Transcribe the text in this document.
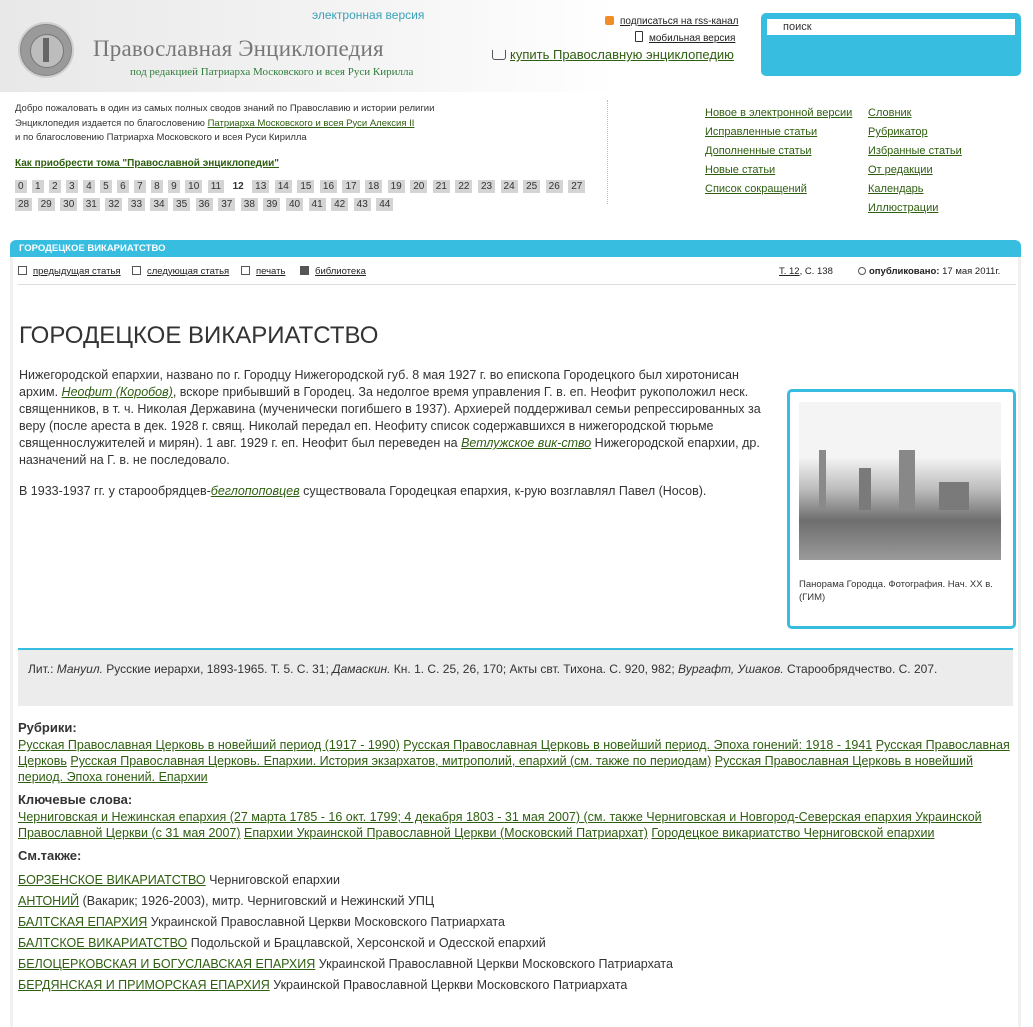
электронная версия
Православная Энциклопедия
под редакцией Патриарха Московского и всея Руси Кирилла
подписаться на rss-канал
мобильная версия
купить Православную энциклопедию
поиск
Добро пожаловать в один из самых полных сводов знаний по Православию и истории религии
Энциклопедия издается по благословению Патриарха Московского и всея Руси Алексия II
и по благословению Патриарха Московского и всея Руси Кирилла
Как приобрести тома "Православной энциклопедии"
0 1 2 3 4 5 6 7 8 9 10 11 12 13 14 15 16 17 18 19 20 21 22 23 24 25 26 27 28 29 30 31 32 33 34 35 36 37 38 39 40 41 42 43 44
Новое в электронной версии
Исправленные статьи
Дополненные статьи
Новые статьи
Список сокращений
Словник
Рубрикатор
Избранные статьи
От редакции
Календарь
Иллюстрации
ГОРОДЕЦКОЕ ВИКАРИАТСТВО
предыдущая статья	следующая статья	печать	библиотека	Т. 12, С. 138	опубликовано: 17 мая 2011г.
ГОРОДЕЦКОЕ ВИКАРИАТСТВО

Нижегородской епархии, названо по г. Городцу Нижегородской губ. 8 мая 1927 г. во епископа Городецкого был хиротонисан архим. Неофит (Коробов), вскоре прибывший в Городец. За недолгое время управления Г. в. еп. Неофит рукоположил неск. священников, в т. ч. Николая Державина (мученически погибшего в 1937). Архиерей поддерживал семьи репрессированных за веру (после ареста в дек. 1928 г. свящ. Николай передал еп. Неофиту список содержавшихся в нижегородской тюрьме священнослужителей и мирян). 1 авг. 1929 г. еп. Неофит был переведен на Ветлужское вик-ство Нижегородской епархии, др. назначений на Г. в. не последовало.

В 1933-1937 гг. у старообрядцев-беглопоповцев существовала Городецкая епархия, к-рую возглавлял Павел (Носов).

Панорама Городца. Фотография. Нач. XX в. (ГИМ)
Лит.: Мануил. Русские иерархи, 1893-1965. Т. 5. С. 31; Дамаскин. Кн. 1. С. 25, 26, 170; Акты свт. Тихона. С. 920, 982; Вургафт, Ушаков. Старообрядчество. С. 207.
Рубрики:
Русская Православная Церковь в новейший период (1917 - 1990) Русская Православная Церковь в новейший период. Эпоха гонений: 1918 - 1941 Русская Православная Церковь Русская Православная Церковь. Епархии. История экзархатов, митрополий, епархий (см. также по периодам) Русская Православная Церковь в новейший период. Эпоха гонений. Епархии
Ключевые слова:
Черниговская и Нежинская епархия (27 марта 1785 - 16 окт. 1799; 4 декабря 1803 - 31 мая 2007) (см. также Черниговская и Новгород-Северская епархия Украинской Православной Церкви (с 31 мая 2007) Епархии Украинской Православной Церкви (Московский Патриархат) Городецкое викариатство Черниговской епархии
См.также:
БОРЗЕНСКОЕ ВИКАРИАТСТВО Черниговской епархии
АНТОНИЙ (Вакарик; 1926-2003), митр. Черниговский и Нежинский УПЦ
БАЛТСКАЯ ЕПАРХИЯ Украинской Православной Церкви Московского Патриархата
БАЛТСКОЕ ВИКАРИАТСТВО Подольской и Брацлавской, Херсонской и Одесской епархий
БЕЛОЦЕРКОВСКАЯ И БОГУСЛАВСКАЯ ЕПАРХИЯ Украинской Православной Церкви Московского Патриархата
БЕРДЯНСКАЯ И ПРИМОРСКАЯ ЕПАРХИЯ Украинской Православной Церкви Московского Патриархата
